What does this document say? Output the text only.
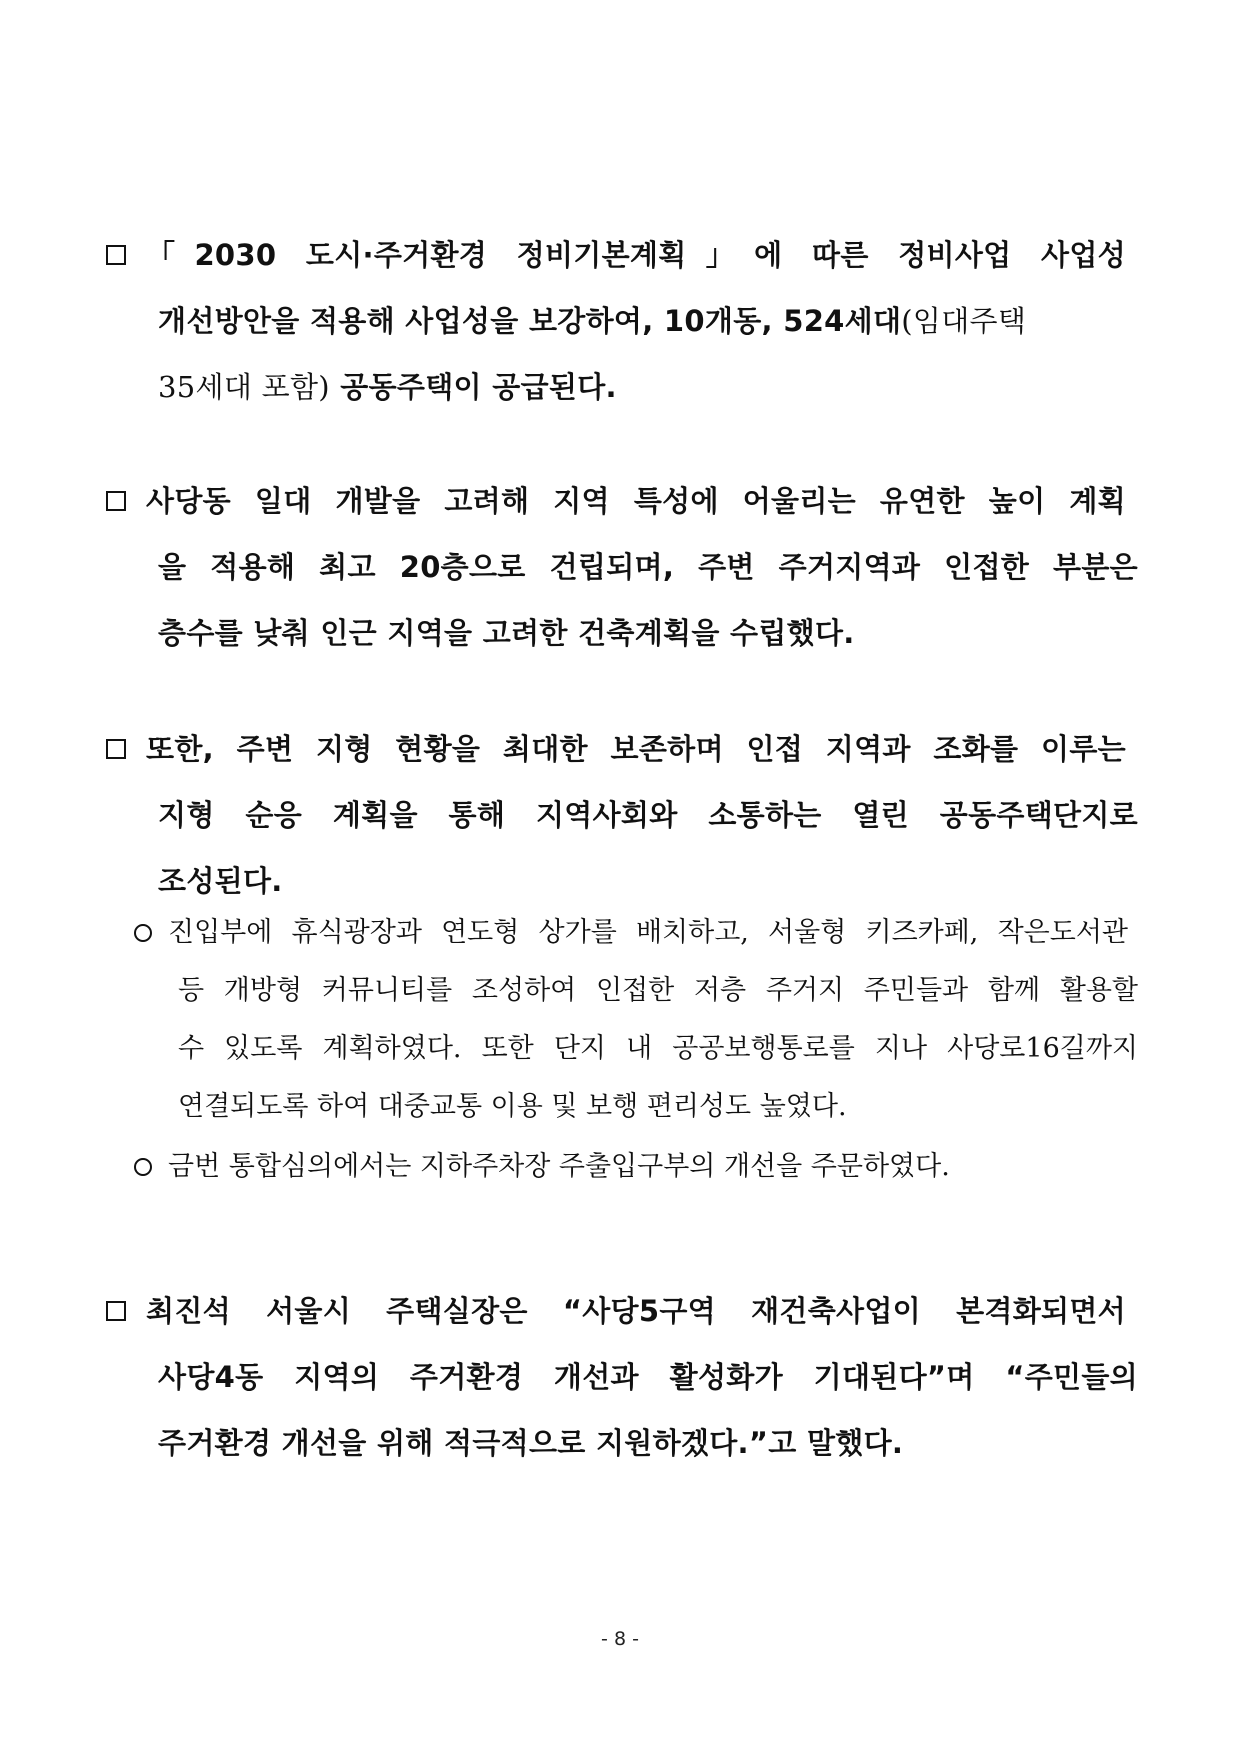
「2030 도시·주거환경 정비기본계획」에 따른 정비사업 사업성
개선방안을 적용해 사업성을 보강하여, 10개동, 524세대(임대주택
35세대 포함) 공동주택이 공급된다.
사당동 일대 개발을 고려해 지역 특성에 어울리는 유연한 높이 계획
을 적용해 최고 20층으로 건립되며, 주변 주거지역과 인접한 부분은
층수를 낮춰 인근 지역을 고려한 건축계획을 수립했다.
또한, 주변 지형 현황을 최대한 보존하며 인접 지역과 조화를 이루는
지형 순응 계획을 통해 지역사회와 소통하는 열린 공동주택단지로
조성된다.
진입부에 휴식광장과 연도형 상가를 배치하고, 서울형 키즈카페, 작은도서관
등 개방형 커뮤니티를 조성하여 인접한 저층 주거지 주민들과 함께 활용할
수 있도록 계획하였다. 또한 단지 내 공공보행통로를 지나 사당로16길까지
연결되도록 하여 대중교통 이용 및 보행 편리성도 높였다.
금번 통합심의에서는 지하주차장 주출입구부의 개선을 주문하였다.
최진석 서울시 주택실장은 “사당5구역 재건축사업이 본격화되면서
사당4동 지역의 주거환경 개선과 활성화가 기대된다”며 “주민들의
주거환경 개선을 위해 적극적으로 지원하겠다.”고 말했다.
- 8 -
